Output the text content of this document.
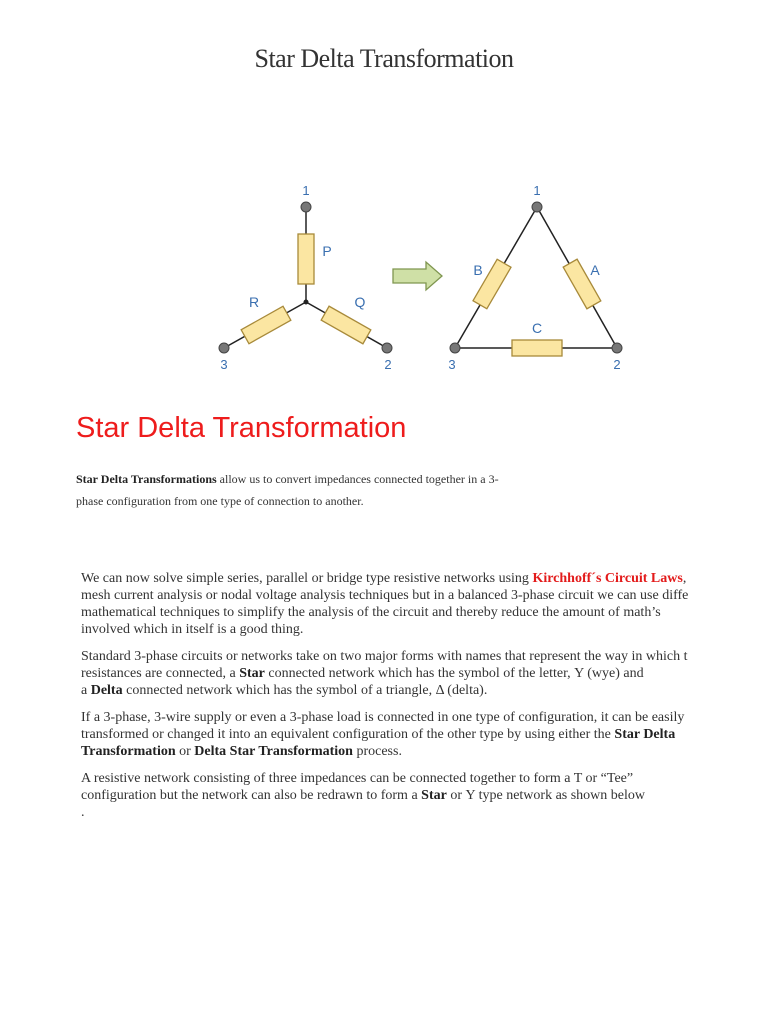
Star Delta Transformation
1
2
3
P
Q
R
1
2
3
A
B
C
Star Delta Transformation
Star Delta Transformations allow us to convert impedances connected together in a 3-
phase configuration from one type of connection to another.

We can now solve simple series, parallel or bridge type resistive networks using Kirchhoff´s Circuit Laws,
mesh current analysis or nodal voltage analysis techniques but in a balanced 3-phase circuit we can use diffe
mathematical techniques to simplify the analysis of the circuit and thereby reduce the amount of math’s
involved which in itself is a good thing.

Standard 3-phase circuits or networks take on two major forms with names that represent the way in which t
resistances are connected, a Star connected network which has the symbol of the letter, Υ (wye) and
a Delta connected network which has the symbol of a triangle, Δ (delta).

If a 3-phase, 3-wire supply or even a 3-phase load is connected in one type of configuration, it can be easily
transformed or changed it into an equivalent configuration of the other type by using either the Star Delta
Transformation or Delta Star Transformation process.

A resistive network consisting of three impedances can be connected together to form a T or “Tee”
configuration but the network can also be redrawn to form a Star or Υ type network as shown below
.
